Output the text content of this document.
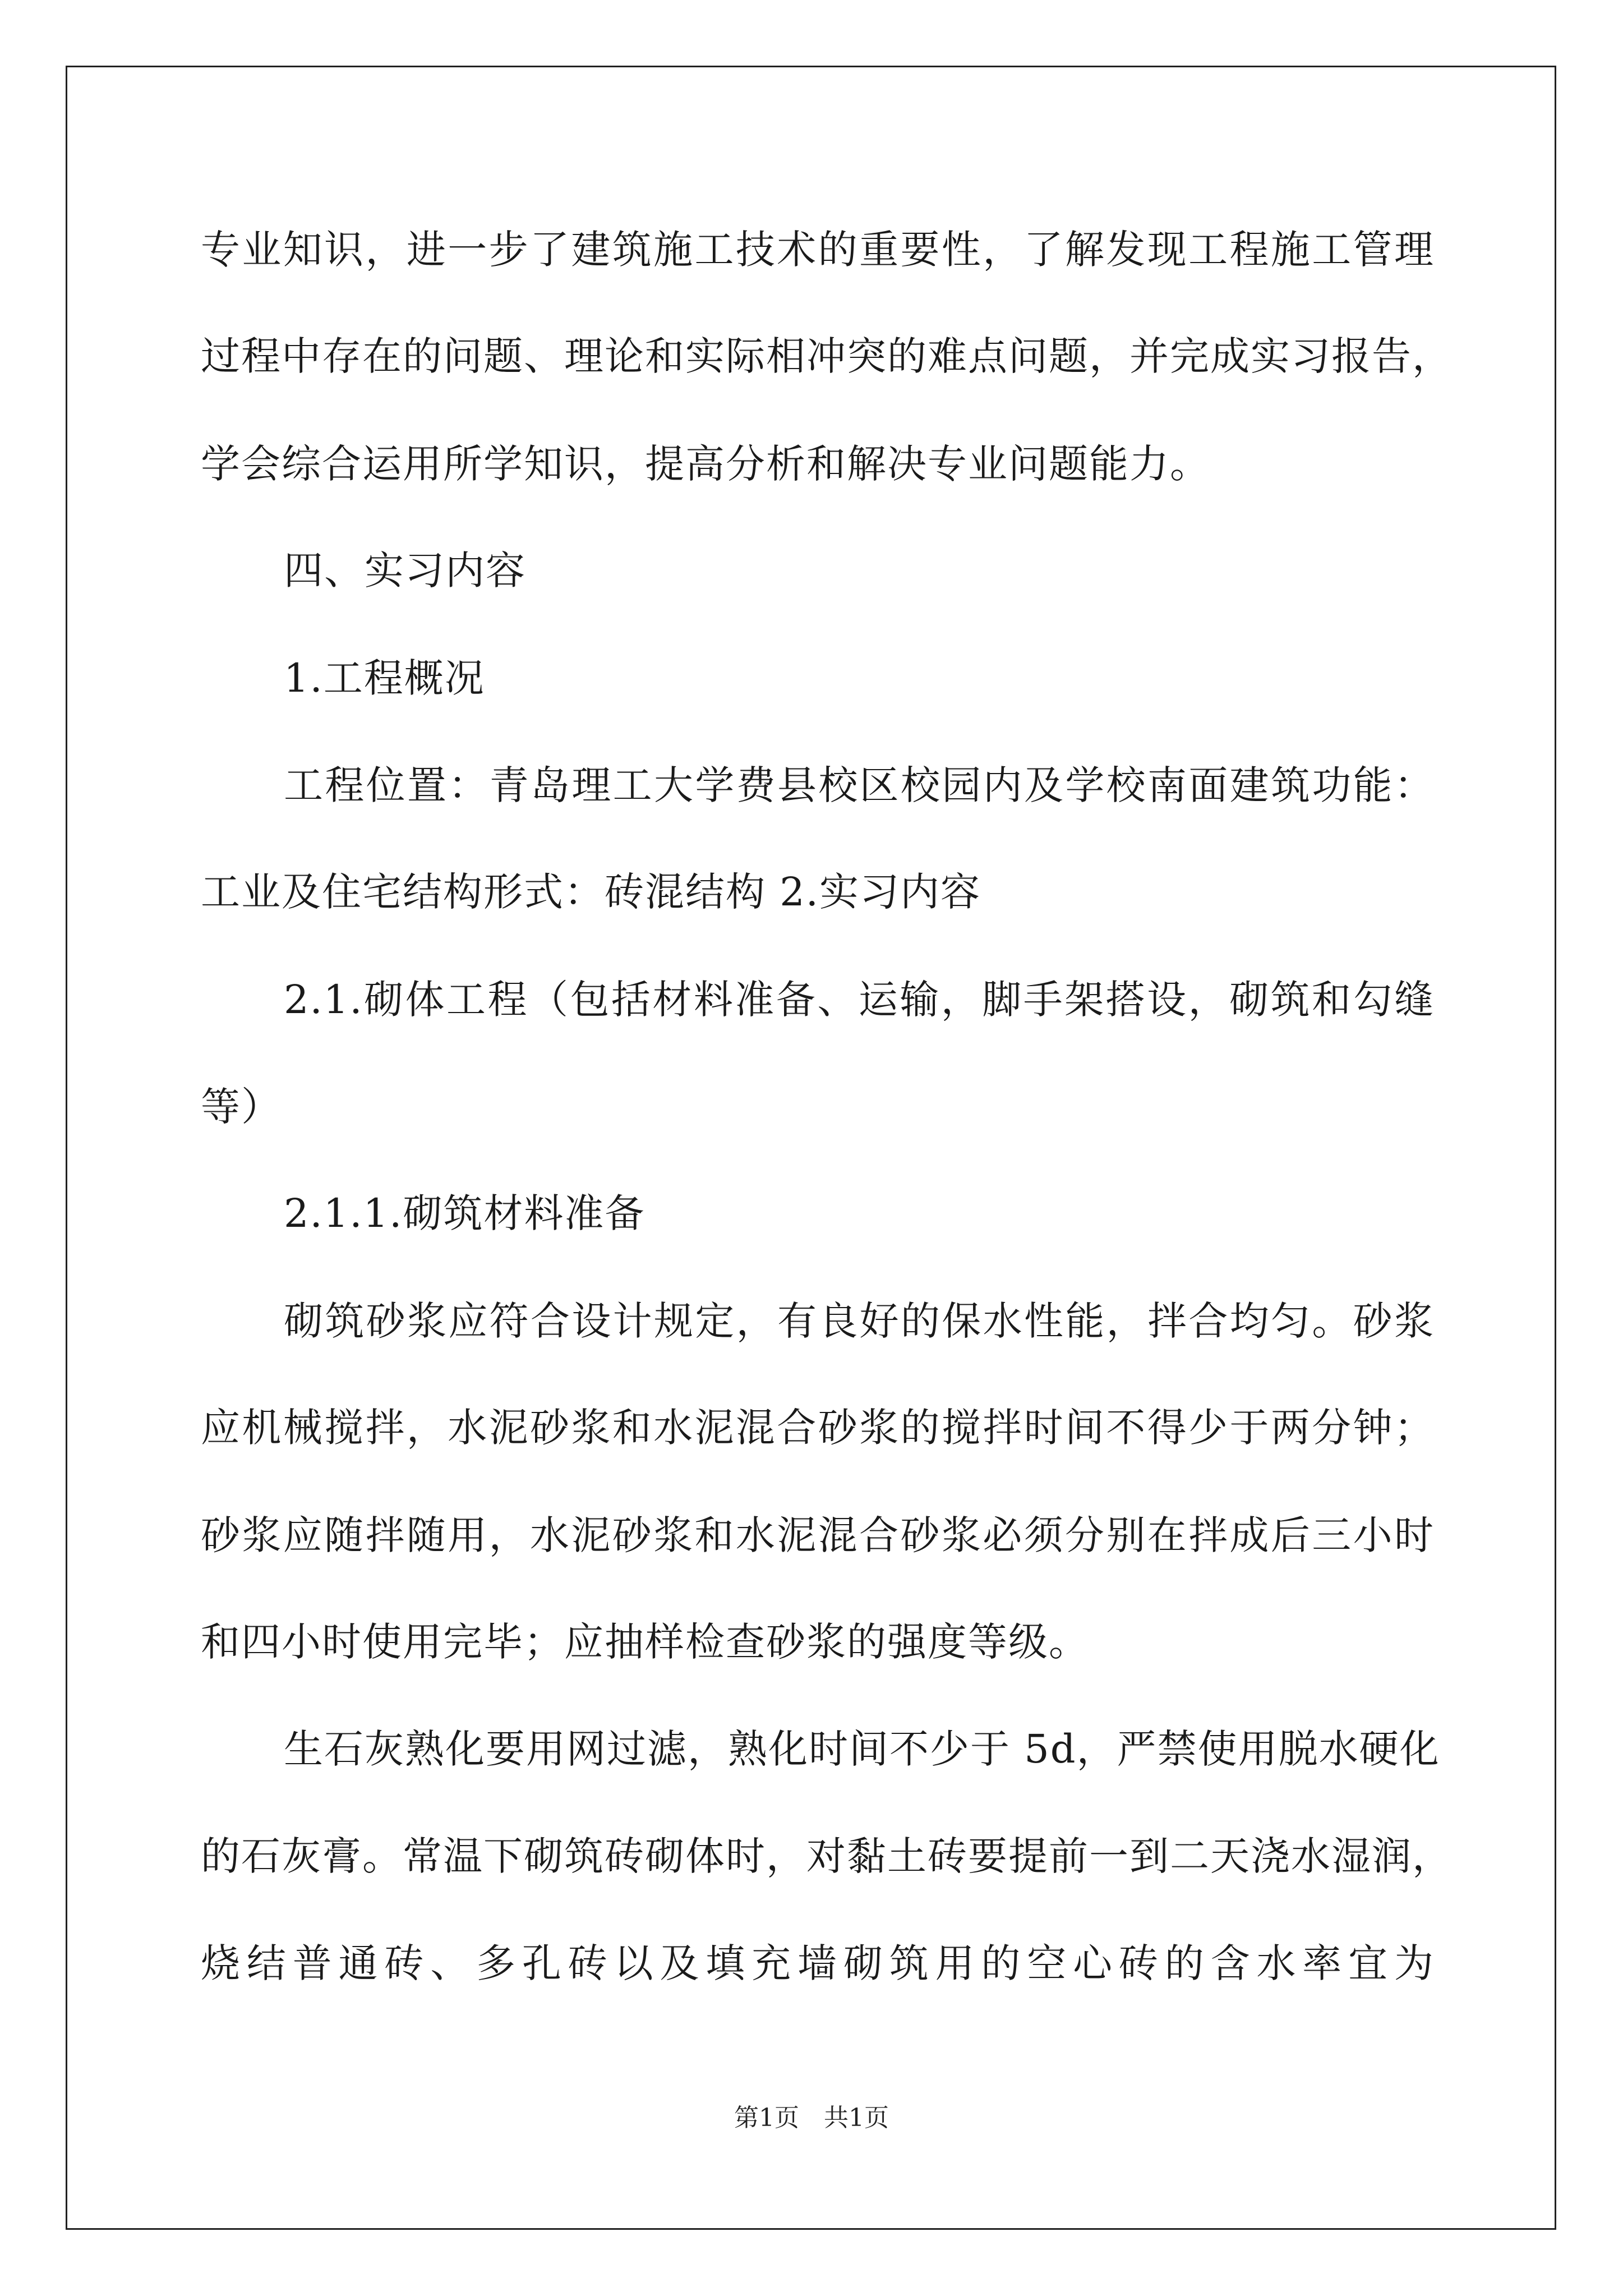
专业知识，进一步了建筑施工技术的重要性，了解发现工程施工管理
过程中存在的问题、理论和实际相冲突的难点问题，并完成实习报告，
学会综合运用所学知识，提高分析和解决专业问题能力。
四、实习内容
1.工程概况
工程位置：青岛理工大学费县校区校园内及学校南面建筑功能：
工业及住宅结构形式：砖混结构 2.实习内容
2.1.砌体工程（包括材料准备、运输，脚手架搭设，砌筑和勾缝
等）
2.1.1.砌筑材料准备
砌筑砂浆应符合设计规定，有良好的保水性能，拌合均匀。砂浆
应机械搅拌，水泥砂浆和水泥混合砂浆的搅拌时间不得少于两分钟；
砂浆应随拌随用，水泥砂浆和水泥混合砂浆必须分别在拌成后三小时
和四小时使用完毕；应抽样检查砂浆的强度等级。
生石灰熟化要用网过滤，熟化时间不少于 5d，严禁使用脱水硬化
的石灰膏。常温下砌筑砖砌体时，对黏土砖要提前一到二天浇水湿润，
烧结普通砖、多孔砖以及填充墙砌筑用的空心砖的含水率宜为
第1页　共1页
